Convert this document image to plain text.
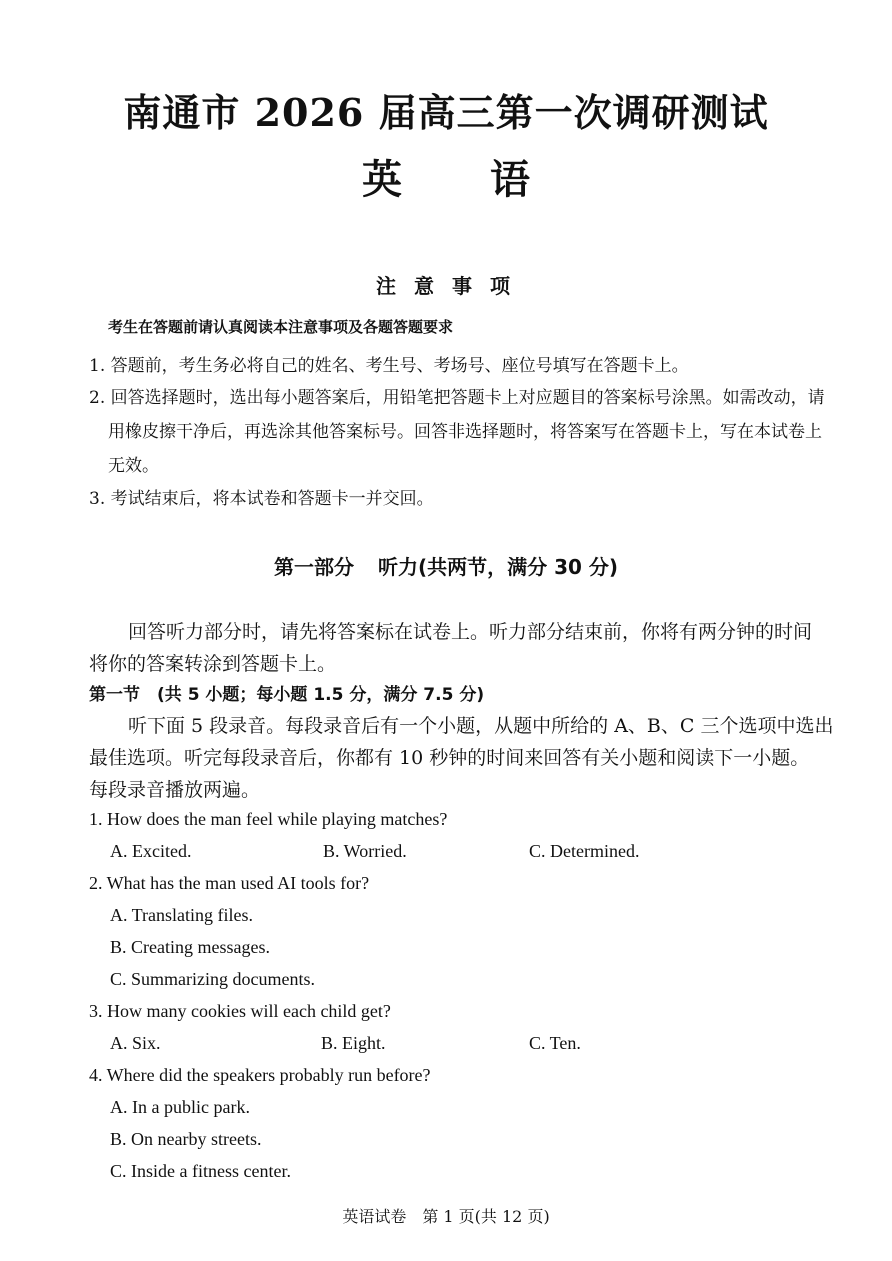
南通市 2026 届高三第一次调研测试
英 语
注 意 事 项
考生在答题前请认真阅读本注意事项及各题答题要求
1. 答题前，考生务必将自己的姓名、考生号、考场号、座位号填写在答题卡上。
2. 回答选择题时，选出每小题答案后，用铅笔把答题卡上对应题目的答案标号涂黑。如需改动，请
用橡皮擦干净后，再选涂其他答案标号。回答非选择题时，将答案写在答题卡上，写在本试卷上
无效。
3. 考试结束后，将本试卷和答题卡一并交回。
第一部分 听力(共两节，满分 30 分)
回答听力部分时，请先将答案标在试卷上。听力部分结束前，你将有两分钟的时间
将你的答案转涂到答题卡上。
第一节　(共 5 小题；每小题 1.5 分，满分 7.5 分)
听下面 5 段录音。每段录音后有一个小题，从题中所给的 A、B、C 三个选项中选出
最佳选项。听完每段录音后，你都有 10 秒钟的时间来回答有关小题和阅读下一小题。
每段录音播放两遍。
1. How does the man feel while playing matches?
A. Excited.	B. Worried.	C. Determined.
2. What has the man used AI tools for?
A. Translating files.
B. Creating messages.
C. Summarizing documents.
3. How many cookies will each child get?
A. Six.	B. Eight.	C. Ten.
4. Where did the speakers probably run before?
A. In a public park.
B. On nearby streets.
C. Inside a fitness center.
英语试卷　第 1 页(共 12 页)
